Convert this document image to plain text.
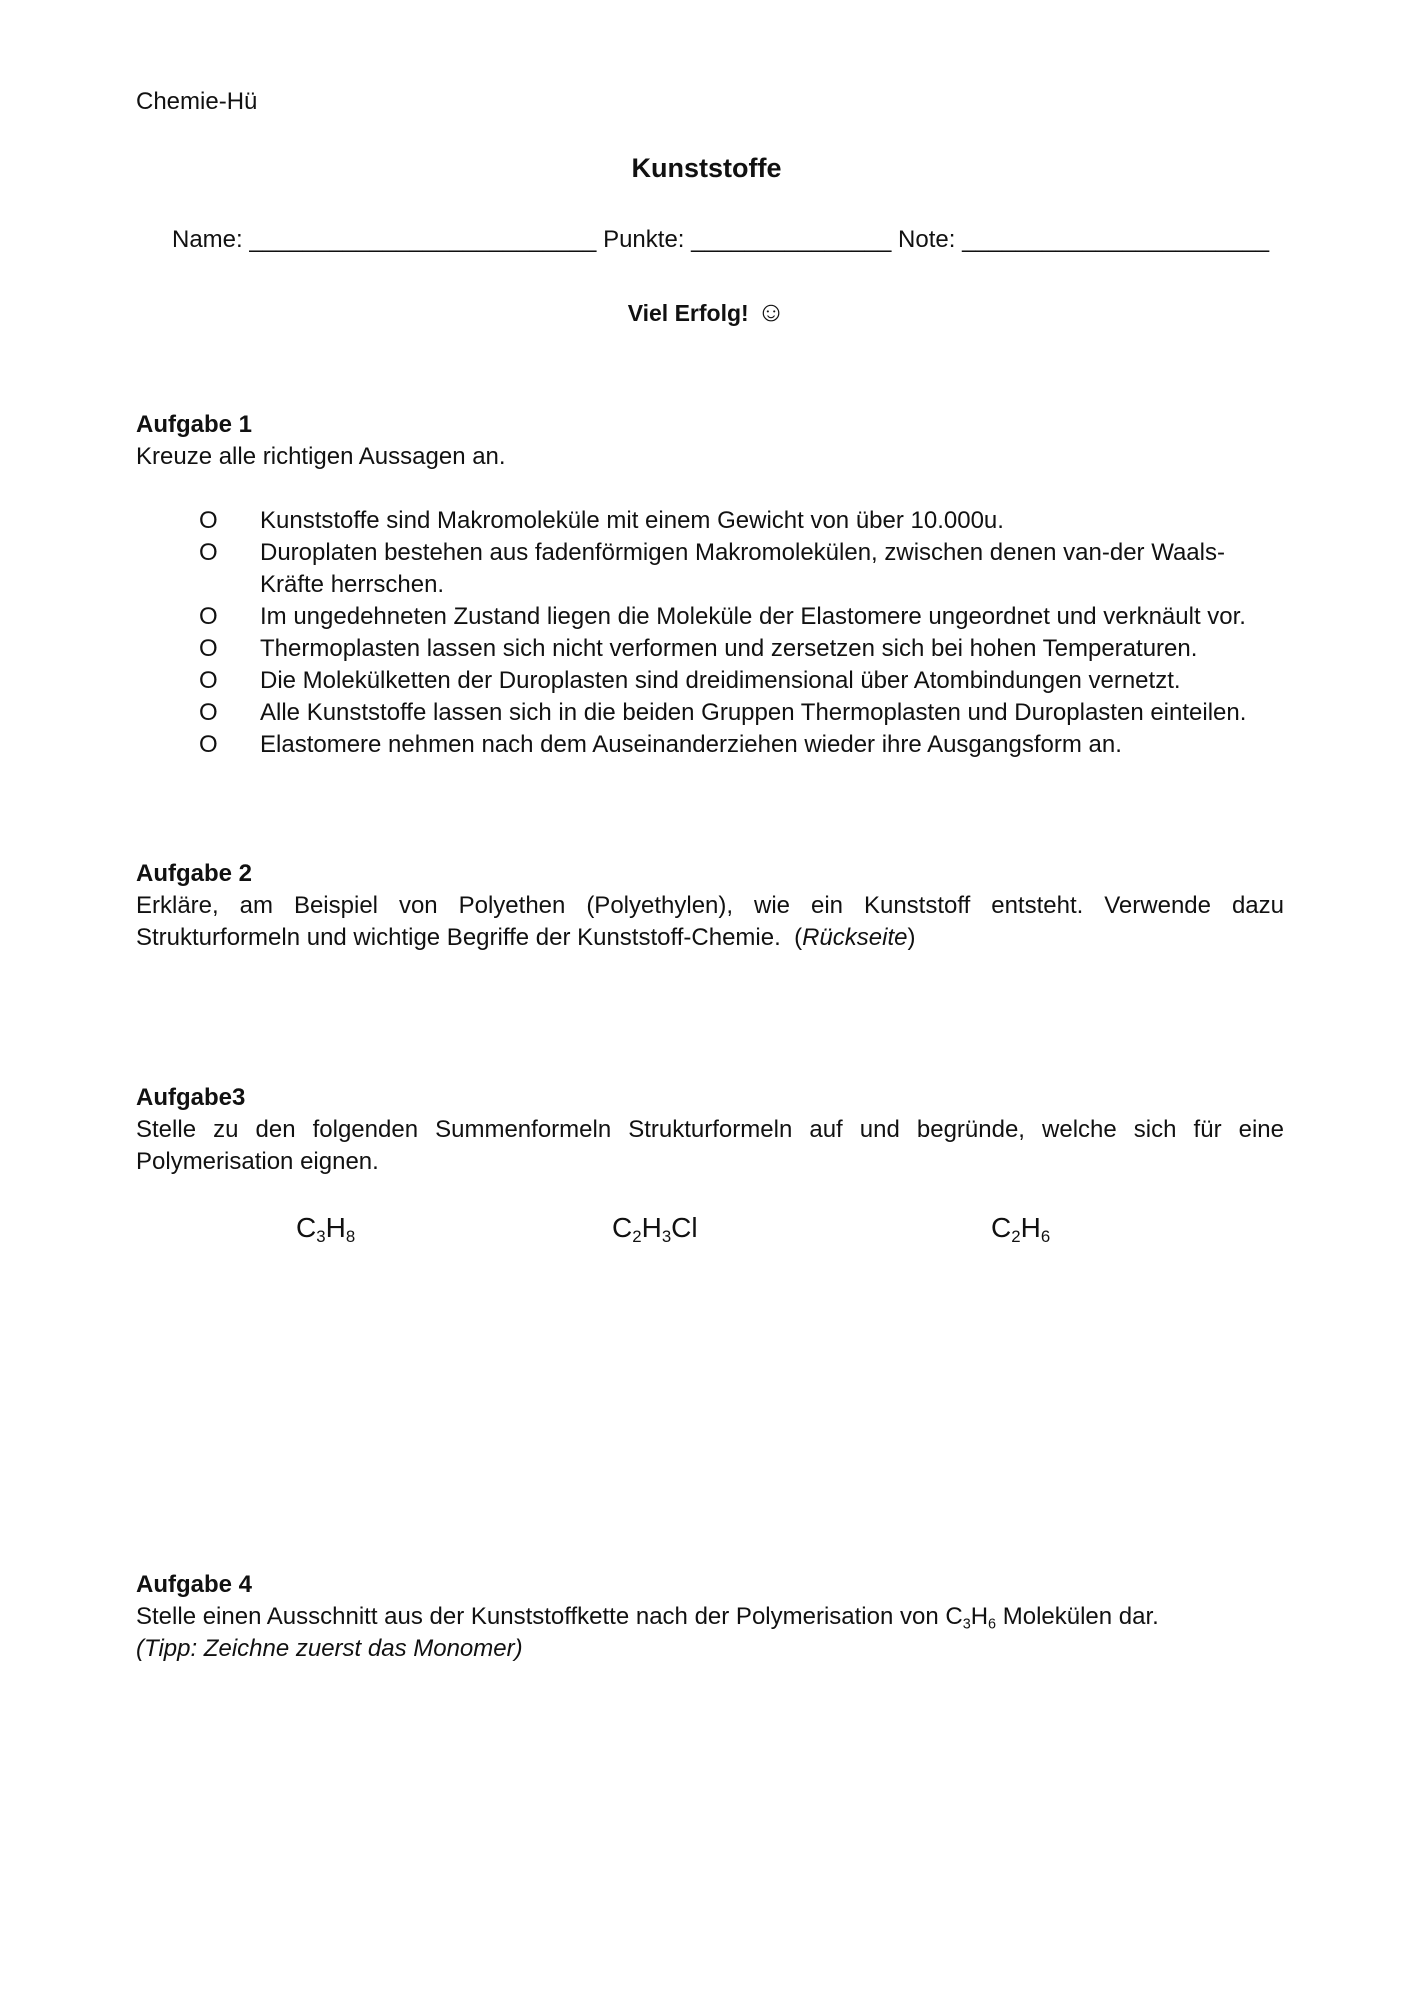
Chemie-Hü
Kunststoffe
Name: __________________________ Punkte: _______________ Note: _______________________
Viel Erfolg! ☺
Aufgabe 1
Kreuze alle richtigen Aussagen an.
O Kunststoffe sind Makromoleküle mit einem Gewicht von über 10.000u.
O Duroplaten bestehen aus fadenförmigen Makromolekülen, zwischen denen van-der Waals-
Kräfte herrschen.
O Im ungedehneten Zustand liegen die Moleküle der Elastomere ungeordnet und verknäult vor.
O Thermoplasten lassen sich nicht verformen und zersetzen sich bei hohen Temperaturen.
O Die Molekülketten der Duroplasten sind dreidimensional über Atombindungen vernetzt.
O Alle Kunststoffe lassen sich in die beiden Gruppen Thermoplasten und Duroplasten einteilen.
O Elastomere nehmen nach dem Auseinanderziehen wieder ihre Ausgangsform an.
Aufgabe 2
Erkläre, am Beispiel von Polyethen (Polyethylen), wie ein Kunststoff entsteht. Verwende dazu
Strukturformeln und wichtige Begriffe der Kunststoff-Chemie. (Rückseite)
Aufgabe3
Stelle zu den folgenden Summenformeln Strukturformeln auf und begründe, welche sich für eine
Polymerisation eignen.
$C_3H_8$	$C_2H_3Cl$	$C_2H_6$
Aufgabe 4
Stelle einen Ausschnitt aus der Kunststoffkette nach der Polymerisation von $C_3H_6$ Molekülen dar.
(Tipp: Zeichne zuerst das Monomer)
